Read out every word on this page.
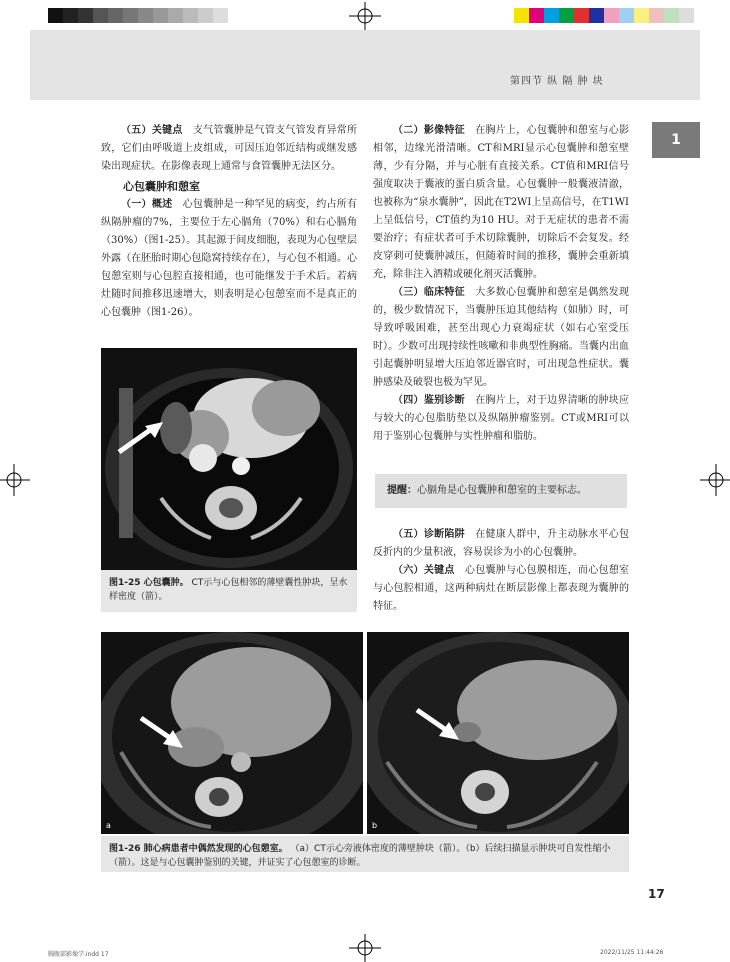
第四节 纵 隔 肿 块
1

（五）关键点　 支气管囊肿是气管支气管发育异常所致，它们由呼吸道上皮组成，可因压迫邻近结构或继发感染出现症状。在影像表现上通常与食管囊肿无法区分。

心包囊肿和憩室

（一）概述　 心包囊肿是一种罕见的病变，约占所有纵隔肿瘤的7%，主要位于左心膈角（70%）和右心膈角（30%）（图1-25）。其起源于间皮细胞，表现为心包壁层外露（在胚胎时期心包隐窝持续存在），与心包不相通。心包憩室则与心包腔直接相通，也可能继发于手术后。若病灶随时间推移迅速增大，则表明是心包憩室而不是真正的心包囊肿（图1-26）。

图1-25 心包囊肿。 CT示与心包相邻的薄壁囊性肿块，呈水样密度（箭）。

（二）影像特征　 在胸片上，心包囊肿和憩室与心影相邻，边缘光滑清晰。CT和MRI显示心包囊肿和憩室壁薄，少有分隔，并与心脏有直接关系。CT值和MRI信号强度取决于囊液的蛋白质含量。心包囊肿一般囊液清澈，也被称为“泉水囊肿”，因此在T2WI上呈高信号，在T1WI上呈低信号，CT值约为10 HU。对于无症状的患者不需要治疗；有症状者可手术切除囊肿，切除后不会复发。经皮穿刺可使囊肿减压，但随着时间的推移，囊肿会重新填充，除非注入酒精或硬化剂灭活囊肿。

（三）临床特征　 大多数心包囊肿和憩室是偶然发现的，极少数情况下，当囊肿压迫其他结构（如肺）时，可导致呼吸困难，甚至出现心力衰竭症状（如右心室受压时）。少数可出现持续性咳嗽和非典型性胸痛。当囊内出血引起囊肿明显增大压迫邻近器官时，可出现急性症状。囊肿感染及破裂也极为罕见。

（四）鉴别诊断　 在胸片上，对于边界清晰的肿块应与较大的心包脂肪垫以及纵隔肿瘤鉴别。CT或MRI可以用于鉴别心包囊肿与实性肿瘤和脂肪。

提醒：心膈角是心包囊肿和憩室的主要标志。

（五）诊断陷阱　 在健康人群中，升主动脉水平心包反折内的少量积液，容易误诊为小的心包囊肿。

（六）关键点　 心包囊肿与心包膜相连，而心包憩室与心包腔相通，这两种病灶在断层影像上都表现为囊肿的特征。

a	b
图1-26 肺心病患者中偶然发现的心包憩室。 （a）CT示心旁液体密度的薄壁肿块（箭）。（b）后续扫描显示肿块可自发性缩小（箭）。这是与心包囊肿鉴别的关键，并证实了心包憩室的诊断。
17
胸腹部影像学.indd 17	2022/11/25 11:44:26
